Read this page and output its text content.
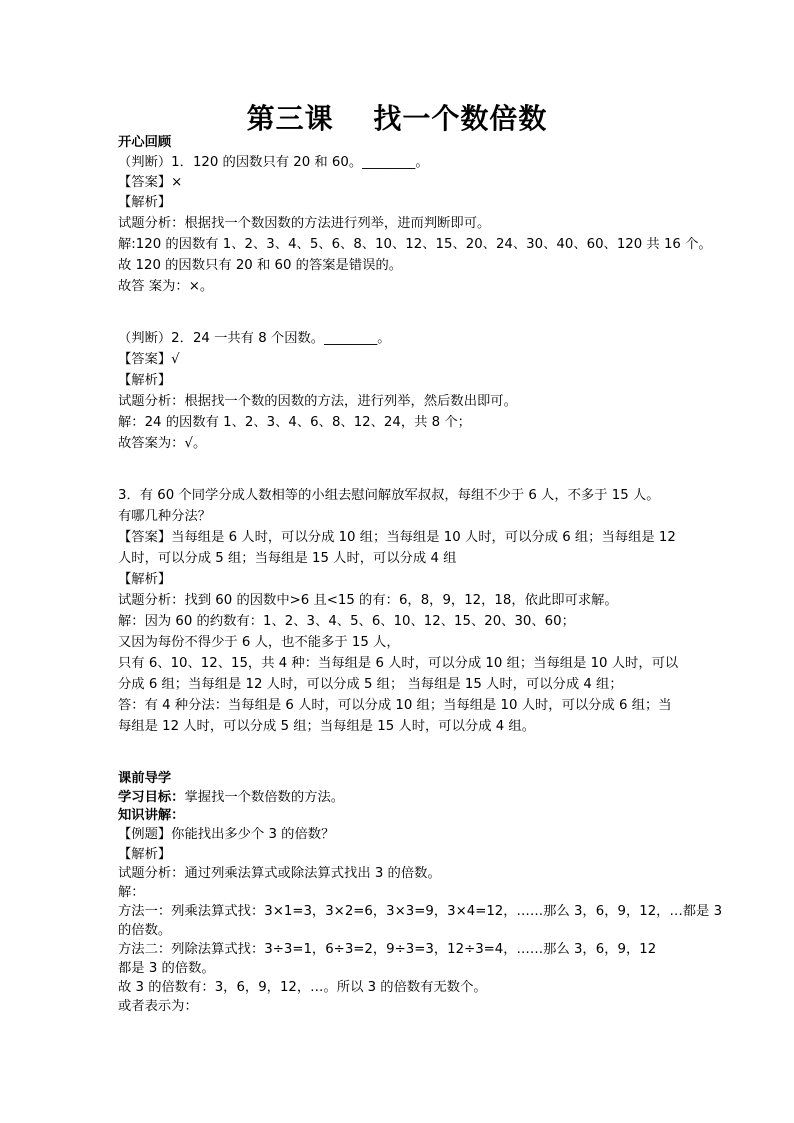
第三课　 找一个数倍数
开心回顾
（判断）1．120 的因数只有 20 和 60。________。
【答案】×
【解析】
试题分析：根据找一个数因数的方法进行列举，进而判断即可。
解:120 的因数有 1、2、3、4、5、6、8、10、12、15、20、24、30、40、60、120 共 16 个。
故 120 的因数只有 20 和 60 的答案是错误的。
故答 案为：×。
（判断）2．24 一共有 8 个因数。________。
【答案】√
【解析】
试题分析：根据找一个数的因数的方法，进行列举，然后数出即可。
解：24 的因数有 1、2、3、4、6、8、12、24，共 8 个；
故答案为：√。
3．有 60 个同学分成人数相等的小组去慰问解放军叔叔，每组不少于 6 人，不多于 15 人。
有哪几种分法？
【答案】当每组是 6 人时，可以分成 10 组；当每组是 10 人时，可以分成 6 组；当每组是 12
人时，可以分成 5 组；当每组是 15 人时，可以分成 4 组
【解析】
试题分析：找到 60 的因数中>6 且<15 的有：6，8，9，12，18，依此即可求解。
解：因为 60 的约数有：1、2、3、4、5、6、10、12、15、20、30、60；
又因为每份不得少于 6 人，也不能多于 15 人，
只有 6、10、12、15，共 4 种：当每组是 6 人时，可以分成 10 组；当每组是 10 人时，可以
分成 6 组；当每组是 12 人时，可以分成 5 组； 当每组是 15 人时，可以分成 4 组；
答：有 4 种分法：当每组是 6 人时，可以分成 10 组；当每组是 10 人时，可以分成 6 组；当
每组是 12 人时，可以分成 5 组；当每组是 15 人时，可以分成 4 组。
课前导学
学习目标：掌握找一个数倍数的方法。
知识讲解：
【例题】你能找出多少个 3 的倍数？
【解析】
试题分析：通过列乘法算式或除法算式找出 3 的倍数。
解：
方法一：列乘法算式找：3×1=3，3×2=6，3×3=9，3×4=12，……那么 3，6，9，12，…都是 3
的倍数。
方法二：列除法算式找：3÷3=1，6÷3=2，9÷3=3，12÷3=4，……那么 3，6，9，12
都是 3 的倍数。
故 3 的倍数有：3，6，9，12，…。所以 3 的倍数有无数个。
或者表示为：
